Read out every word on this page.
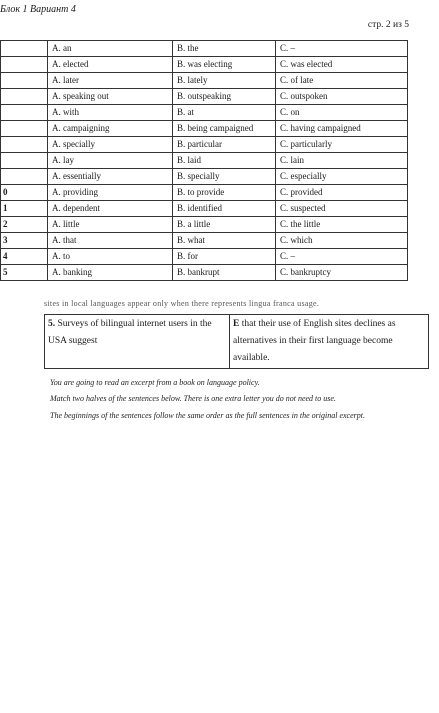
Блок 1 Вариант 4
стр. 2 из 5
	A. an	B. the	C. –
	A. elected	B. was electing	C. was elected
	A. later	B. lately	C. of late
	A. speaking out	B. outspeaking	C. outspoken
	A. with	B. at	C. on
	A. campaigning	B. being campaigned	C. having campaigned
	A. specially	B. particular	C. particularly
	A. lay	B. laid	C. lain
	A. essentially	B. specially	C. especially
0	A. providing	B. to provide	C. provided
1	A. dependent	B. identified	C. suspected
2	A. little	B. a little	C. the little
3	A. that	B. what	C. which
4	A. to	B. for	C. –
5	A. banking	B. bankrupt	C. bankruptcy
sites in local languages appear only when there represents lingua franca usage.
5. Surveys of bilingual internet users in the USA suggest	E that their use of English sites declines as alternatives in their first language become available.
You are going to read an excerpt from a book on language policy.
Match two halves of the sentences below. There is one extra letter you do not need to use.
The beginnings of the sentences follow the same order as the full sentences in the original excerpt.
